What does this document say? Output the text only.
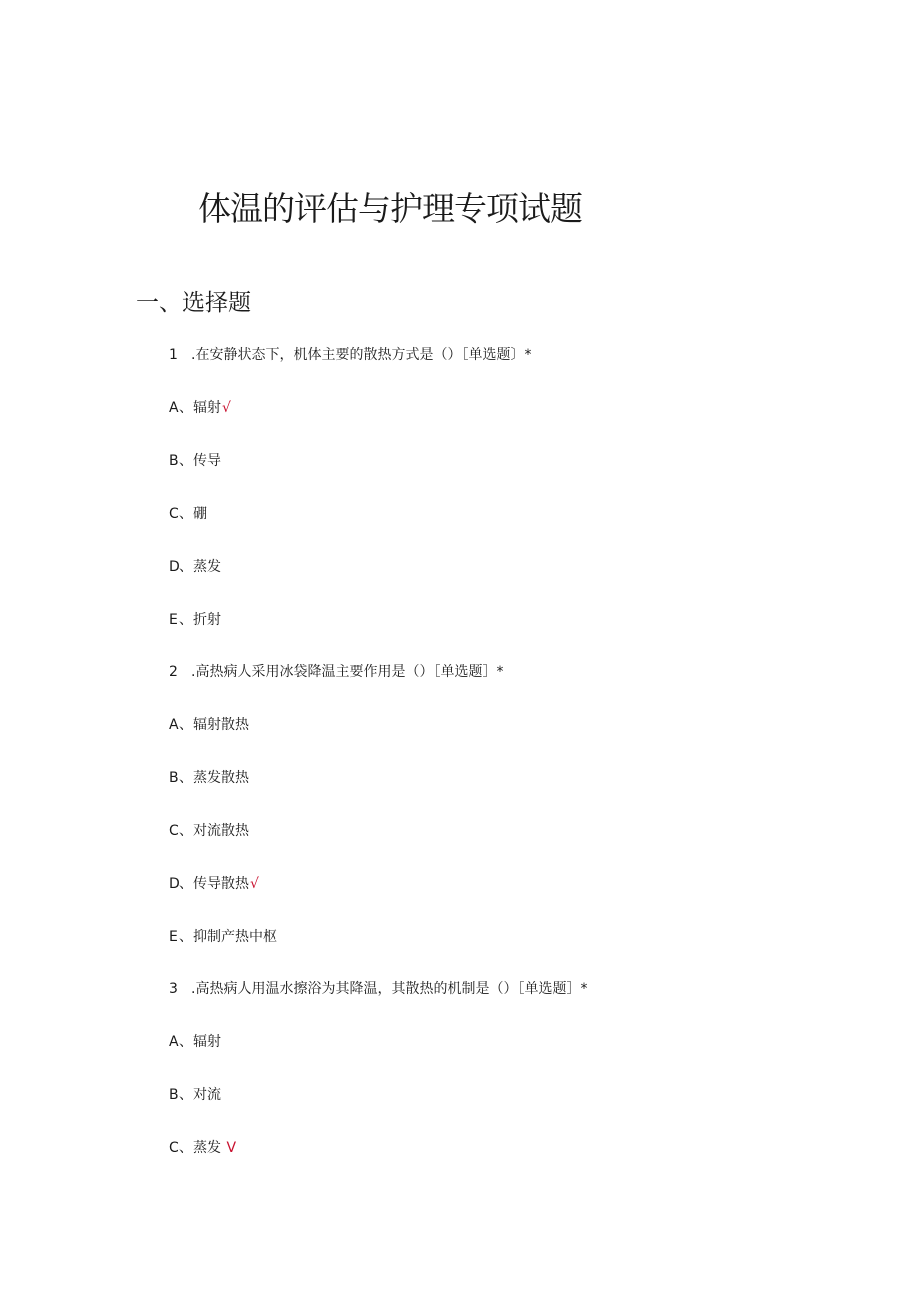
体温的评估与护理专项试题
一、选择题
1 .在安静状态下，机体主要的散热方式是（）［单选题〕*
A、辐射√
B、传导
C、硼
D、蒸发
E、折射
2 .高热病人采用冰袋降温主要作用是（）［单选题］*
A、辐射散热
B、蒸发散热
C、对流散热
D、传导散热√
E、抑制产热中枢
3 .高热病人用温水擦浴为其降温，其散热的机制是（）［单选题］*
A、辐射
B、对流
C、蒸发 V
